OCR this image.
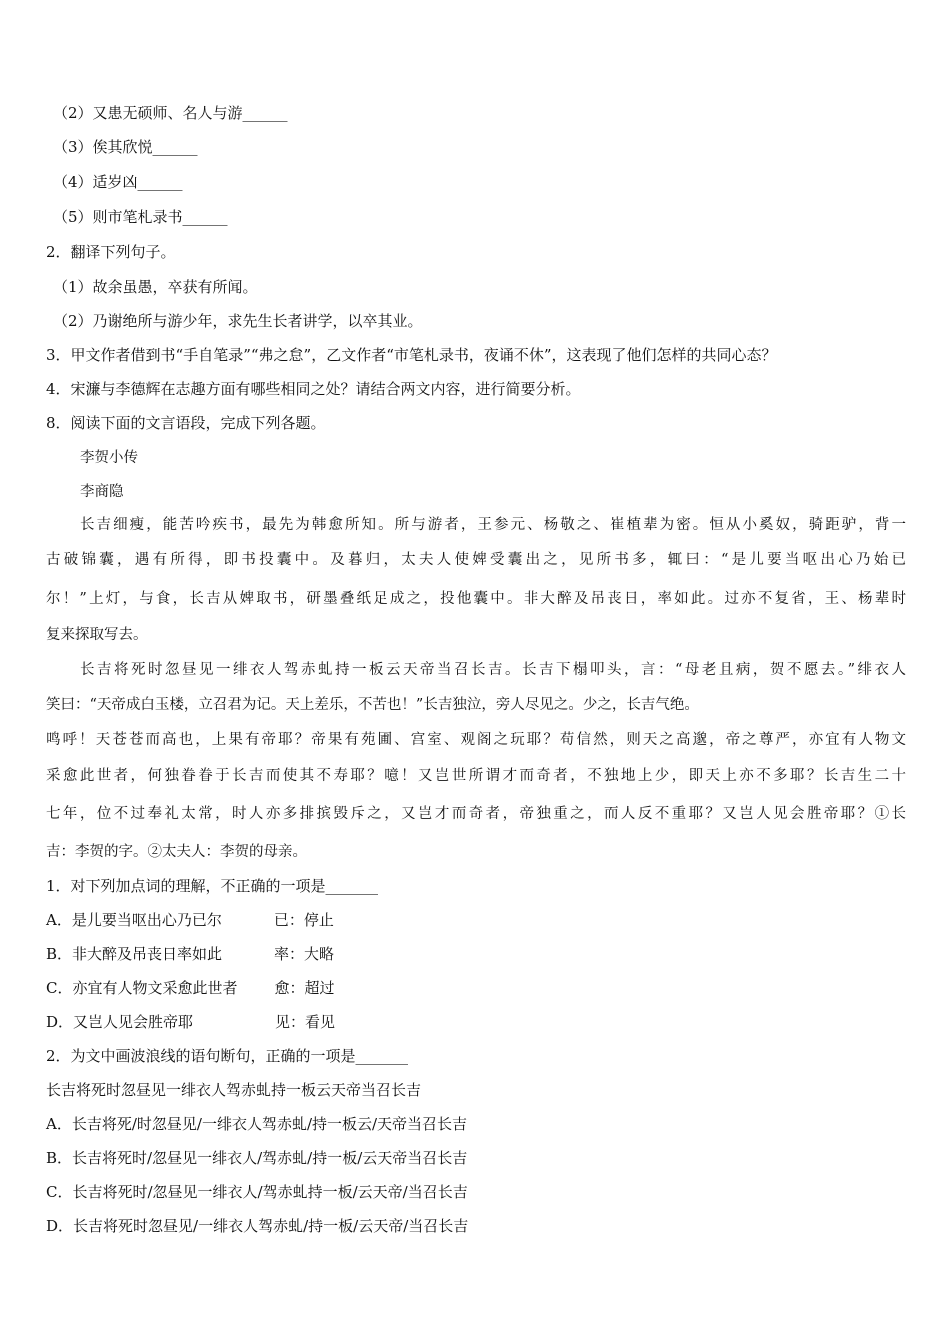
（2）又患无硕师、名人与游______
（3）俟其欣悦______
（4）适岁凶______
（5）则市笔札录书______
2．翻译下列句子。
（1）故余虽愚，卒获有所闻。
（2）乃谢绝所与游少年，求先生长者讲学，以卒其业。
3．甲文作者借到书“手自笔录”“弗之怠”，乙文作者“市笔札录书，夜诵不休”，这表现了他们怎样的共同心态？
4．宋濂与李德辉在志趣方面有哪些相同之处？请结合两文内容，进行简要分析。
8．阅读下面的文言语段，完成下列各题。
李贺小传
李商隐
长吉细瘦，能苦吟疾书，最先为韩愈所知。所与游者，王参元、杨敬之、崔植辈为密。恒从小奚奴，骑距驴，背一
古破锦囊，遇有所得，即书投囊中。及暮归，太夫人使婢受囊出之，见所书多，辄曰：“是儿要当呕出心乃始已
尔！”上灯，与食，长吉从婢取书，研墨叠纸足成之，投他囊中。非大醉及吊丧日，率如此。过亦不复省，王、杨辈时
复来探取写去。
长吉将死时忽昼见一绯衣人驾赤虬持一板云天帝当召长吉。长吉下榻叩头，言：“母老且病，贺不愿去。”绯衣人
笑曰：“天帝成白玉楼，立召君为记。天上差乐，不苦也！”长吉独泣，旁人尽见之。少之，长吉气绝。
鸣呼！天苍苍而高也，上果有帝耶？帝果有苑圃、宫室、观阁之玩耶？苟信然，则天之高邈，帝之尊严，亦宜有人物文
采愈此世者，何独眷眷于长吉而使其不寿耶？噫！又岂世所谓才而奇者，不独地上少，即天上亦不多耶？长吉生二十
七年，位不过奉礼太常，时人亦多排摈毁斥之，又岂才而奇者，帝独重之，而人反不重耶？又岂人见会胜帝耶？①长
吉：李贺的字。②太夫人：李贺的母亲。
1．对下列加点词的理解，不正确的一项是_______
A．是儿要当呕出心乃已尔	已：停止
B．非大醉及吊丧日率如此	率：大略
C．亦宜有人物文采愈此世者 愈：超过
D．又岂人见会胜帝耶	见：看见
2．为文中画波浪线的语句断句，正确的一项是_______
长吉将死时忽昼见一绯衣人驾赤虬持一板云天帝当召长吉
A．长吉将死/时忽昼见/一绯衣人驾赤虬/持一板云/天帝当召长吉
B．长吉将死时/忽昼见一绯衣人/驾赤虬/持一板/云天帝当召长吉
C．长吉将死时/忽昼见一绯衣人/驾赤虬持一板/云天帝/当召长吉
D．长吉将死时忽昼见/一绯衣人驾赤虬/持一板/云天帝/当召长吉
